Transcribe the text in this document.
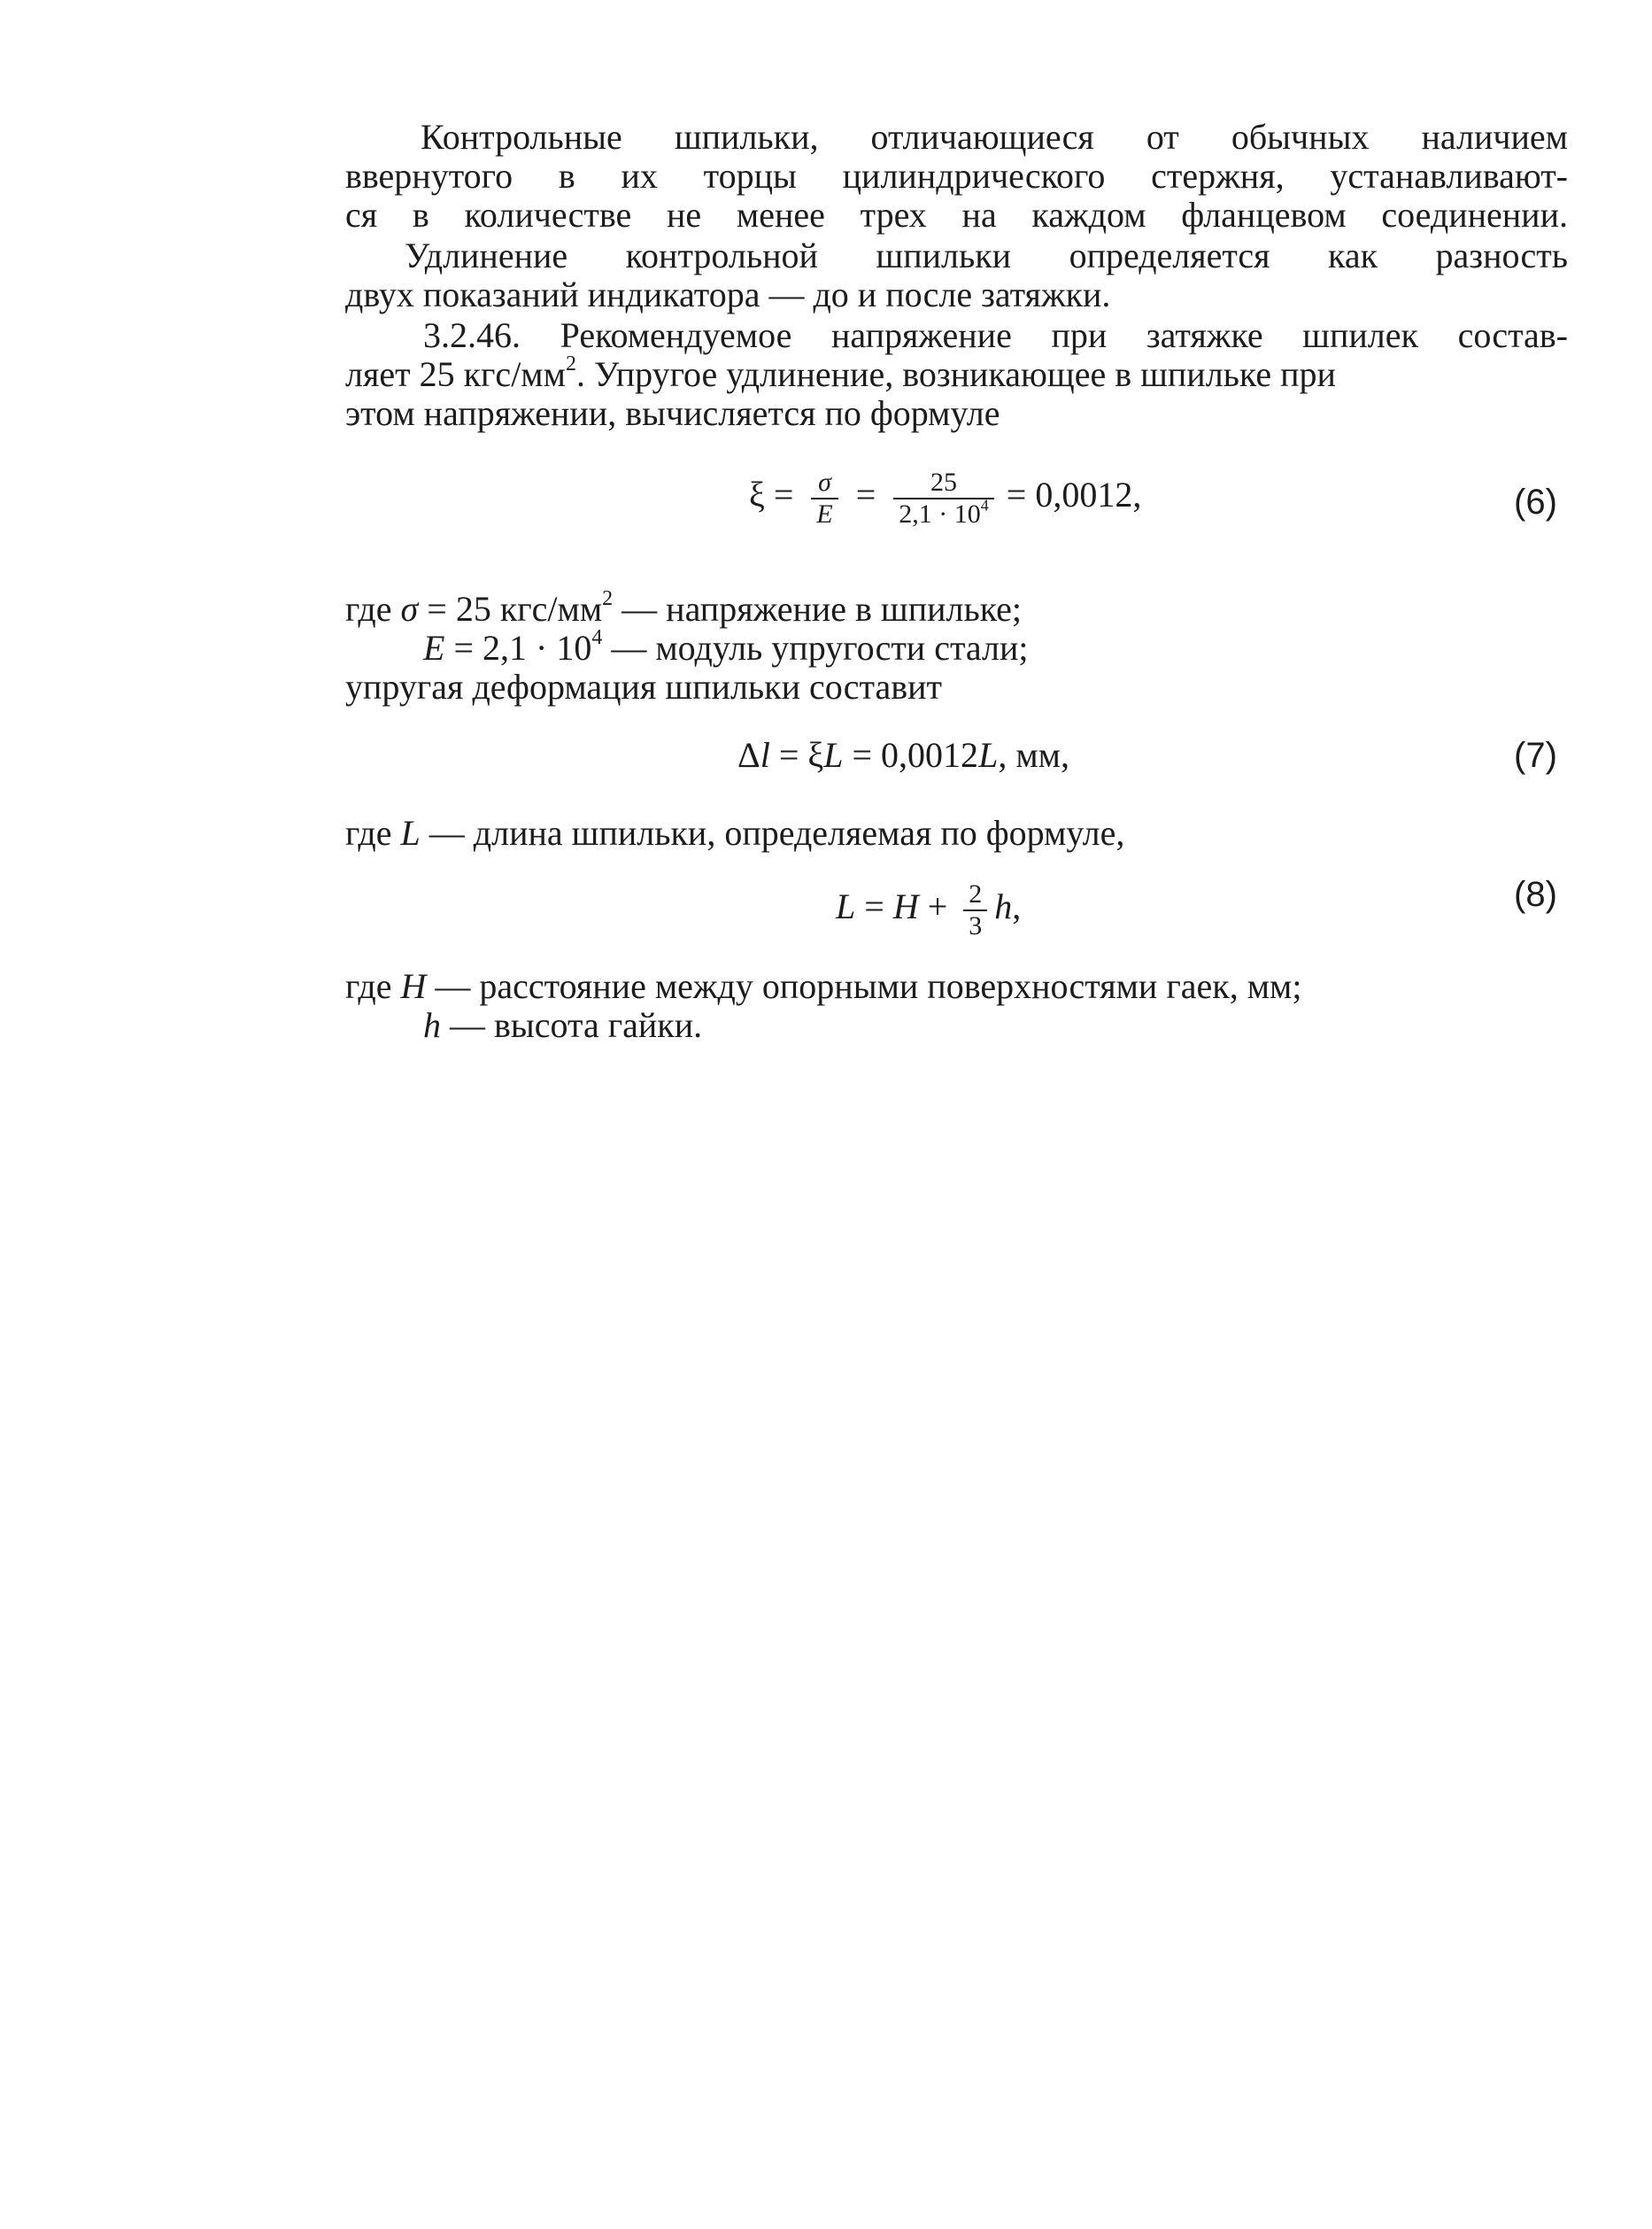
Контрольные шпильки, отличающиеся от обычных наличием
ввернутого в их торцы цилиндрического стержня, устанавливают-
ся в количестве не менее трех на каждом фланцевом соединении.
Удлинение контрольной шпильки определяется как разность
двух показаний индикатора — до и после затяжки.
3.2.46. Рекомендуемое напряжение при затяжке шпилек состав-
ляет 25 кгс/$мм^2$. Упругое удлинение, возникающее в шпильке при
этом напряжении, вычисляется по формуле
$\xi = \frac{\sigma}{E} = \frac{25}{2,1 \cdot 10^4} = 0,0012$,	(6)
где σ = 25 кгс/$мм^2$ — напряжение в шпильке;
$E = 2,1 \cdot 10^4$ — модуль упругости стали;
упругая деформация шпильки составит
Δl = ξL = 0,0012L, мм,	(7)
где L — длина шпильки, определяемая по формуле,
$L = H + \frac{2}{3} h$,	(8)
где H — расстояние между опорными поверхностями гаек, мм;
h — высота гайки.
